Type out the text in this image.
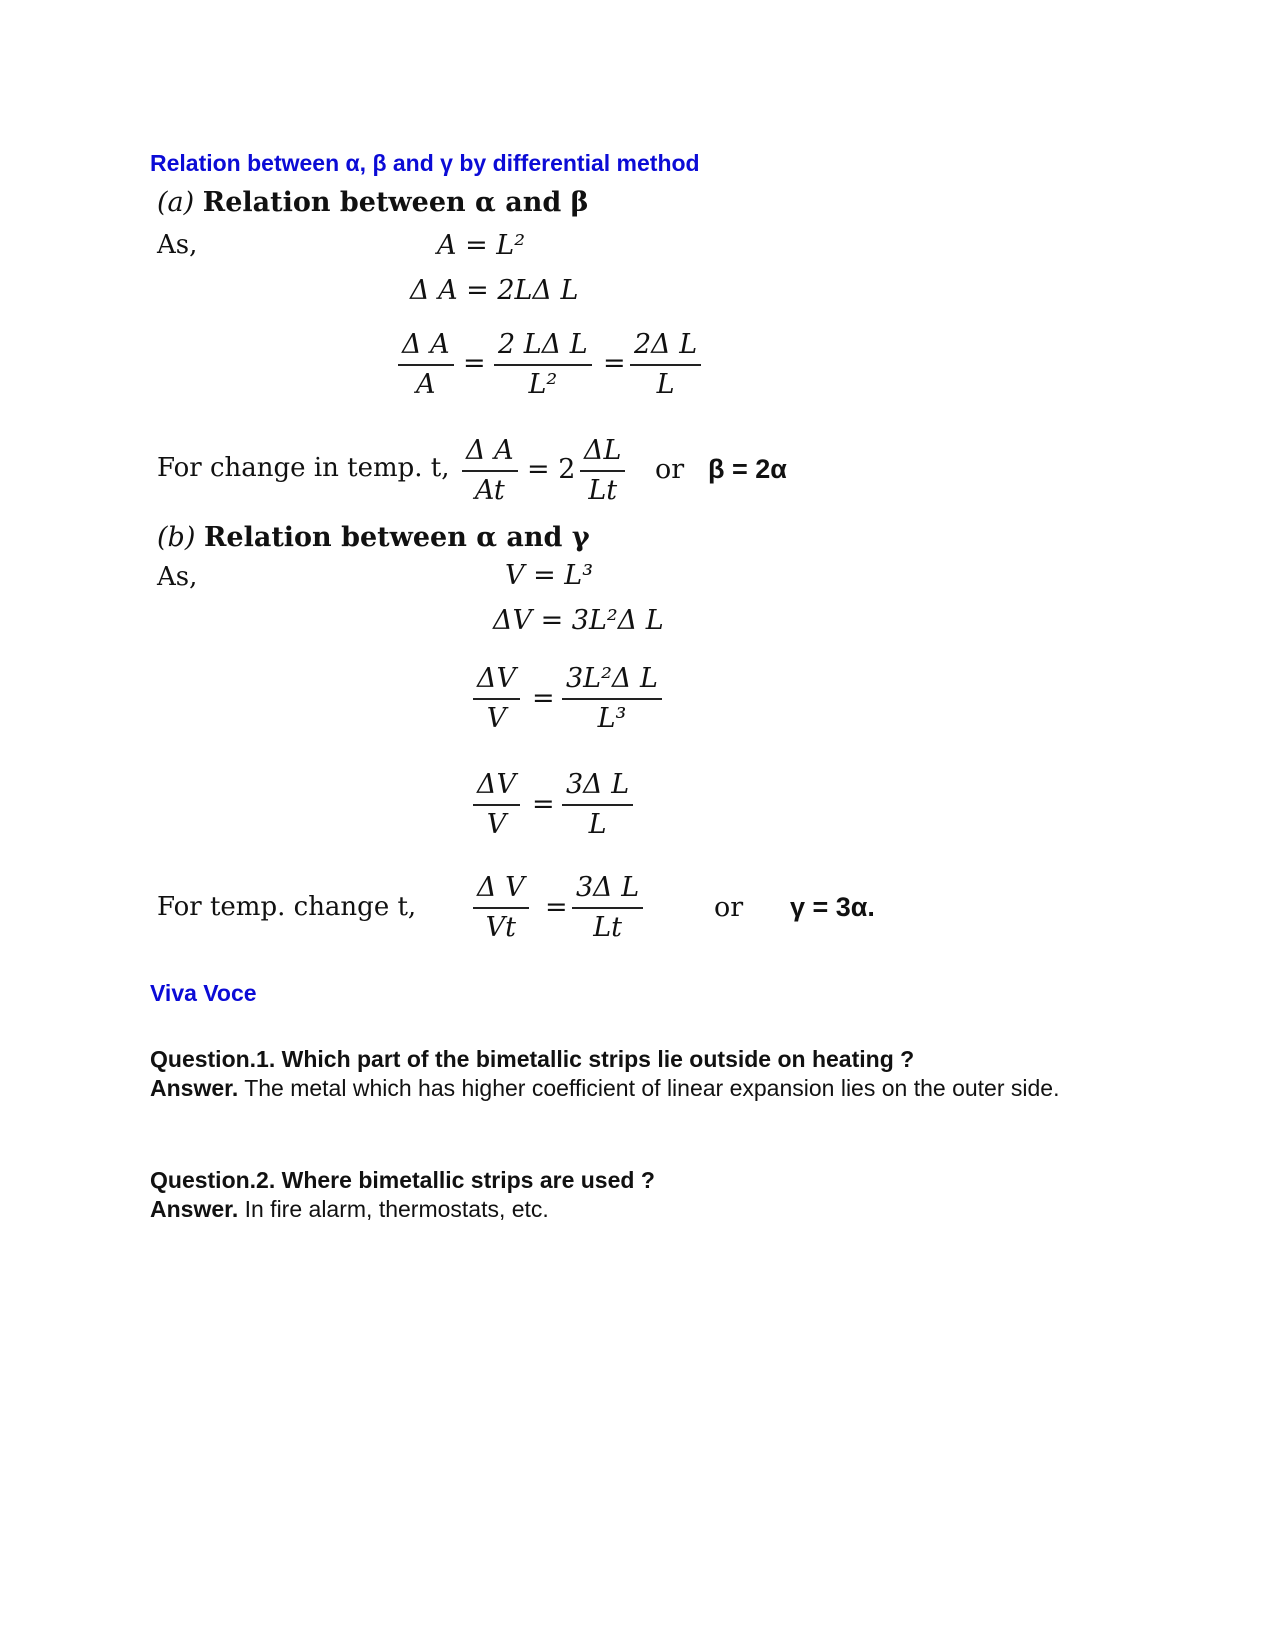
Relation between α, β and γ by differential method
(a) Relation between α and β
As,	A = L²
Δ A = 2LΔ L
$\frac{\text{Δ A}}{A} = \frac{\text{2 LΔ L}}{\text{L²}} = \frac{\text{2Δ L}}{L}$
For change in temp. t, $\frac{\text{Δ A}}{At} = 2 \frac{\Delta L}{Lt}$ or β = 2α
(b) Relation between α and γ
As,	V = L³
ΔV = 3L²Δ L
$\frac{\Delta V}{V} = \frac{\text{3L²Δ L}}{\text{L³}}$
$\frac{\Delta V}{V} = \frac{\text{3Δ L}}{L}$
For temp. change t, $\frac{\text{Δ V}}{Vt} = \frac{\text{3Δ L}}{Lt}$	or γ = 3α.
Viva Voce
Question.1. Which part of the bimetallic strips lie outside on heating ?
Answer. The metal which has higher coefficient of linear expansion lies on the outer side.
Question.2. Where bimetallic strips are used ?
Answer. In fire alarm, thermostats, etc.
